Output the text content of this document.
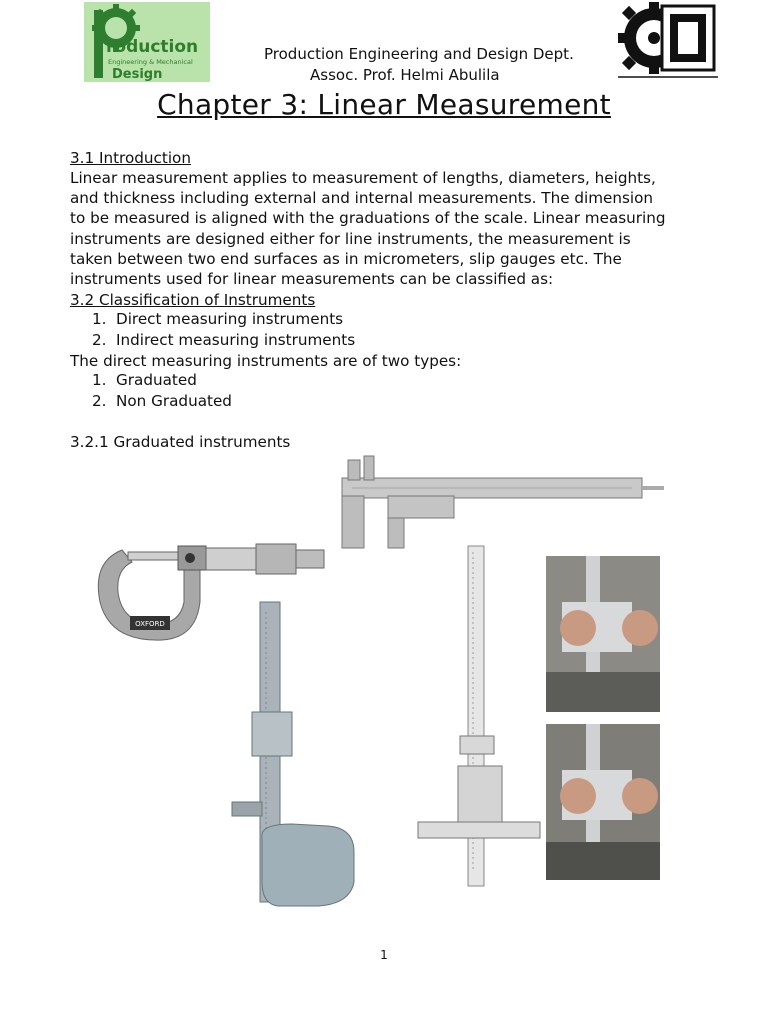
roduction
Engineering & Mechanical
Design
Production Engineering and Design Dept.
Assoc. Prof. Helmi Abulila
Chapter 3: Linear Measurement
3.1 Introduction
Linear measurement applies to measurement of lengths, diameters, heights,
and thickness including external and internal measurements. The dimension
to be measured is aligned with the graduations of the scale. Linear measuring
instruments are designed either for line instruments, the measurement is
taken between two end surfaces as in micrometers, slip gauges etc. The
instruments used for linear measurements can be classified as:
3.2 Classification of Instruments
1. Direct measuring instruments
2. Indirect measuring instruments
The direct measuring instruments are of two types:
1. Graduated
2. Non Graduated
3.2.1 Graduated instruments
OXFORD
1
